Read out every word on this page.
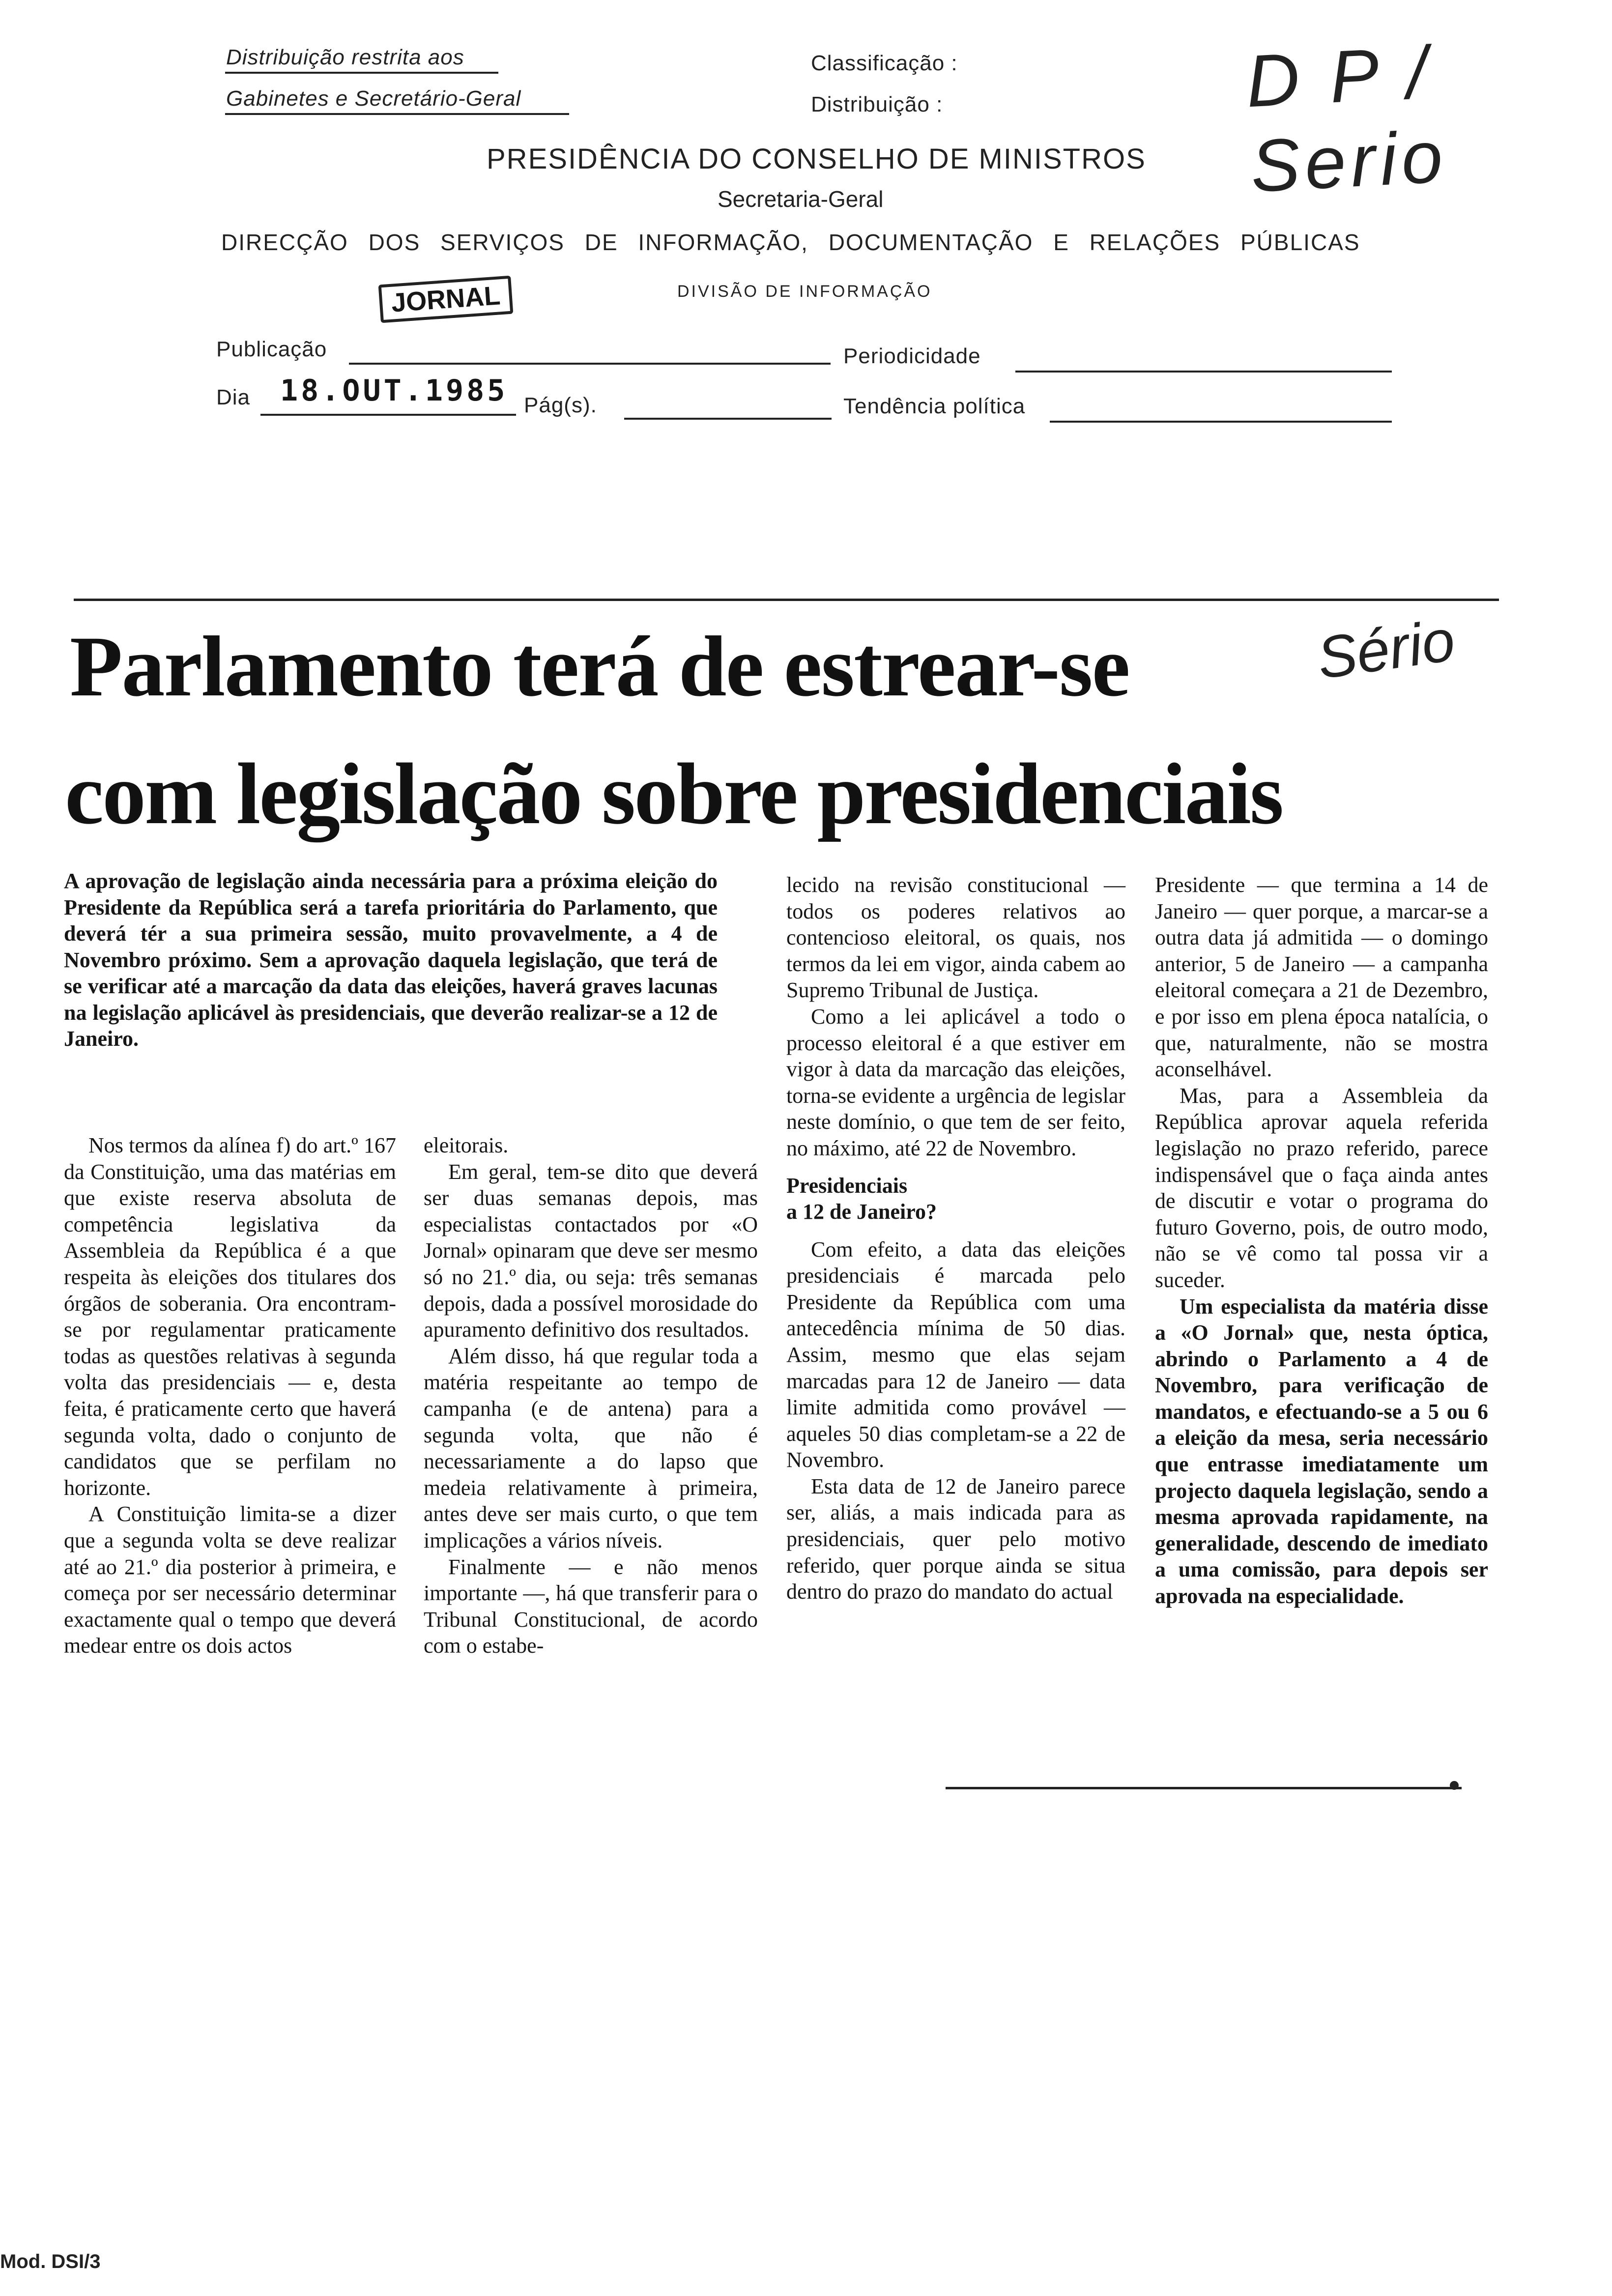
Distribuição restrita aos
Gabinetes e Secretário-Geral
Classificação :
Distribuição :	D P / Serio
PRESIDÊNCIA DO CONSELHO DE MINISTROS
Secretaria-Geral
DIRECÇÃO DOS SERVIÇOS DE INFORMAÇÃO, DOCUMENTAÇÃO E RELAÇÕES PÚBLICAS
JORNAL	DIVISÃO DE INFORMAÇÃO
Publicação	Periodicidade
Dia 18.OUT.1985 Pág(s).	Tendência política
Parlamento terá de estrear-se	Sério
com legislação sobre presidenciais
A aprovação de legislação ainda necessária para a próxima eleição do Presidente da República será a tarefa prioritária do Parlamento, que deverá tér a sua primeira sessão, muito provavelmente, a 4 de Novembro próximo. Sem a aprovação daquela legislação, que terá de se verificar até a marcação da data das eleições, haverá graves lacunas na legislação aplicável às presidenciais, que deverão realizar-se a 12 de Janeiro.

Nos termos da alínea f) do art.º 167 da Constituição, uma das matérias em que existe reserva absoluta de competência legislativa da Assembleia da República é a que respeita às eleições dos titulares dos órgãos de soberania. Ora encontram-se por regulamentar praticamente todas as questões relativas à segunda volta das presidenciais — e, desta feita, é praticamente certo que haverá segunda volta, dado o conjunto de candidatos que se perfilam no horizonte.

A Constituição limita-se a dizer que a segunda volta se deve realizar até ao 21.º dia posterior à primeira, e começa por ser necessário determinar exactamente qual o tempo que deverá medear entre os dois actos

eleitorais.

Em geral, tem-se dito que deverá ser duas semanas depois, mas especialistas contactados por «O Jornal» opinaram que deve ser mesmo só no 21.º dia, ou seja: três semanas depois, dada a possível morosidade do apuramento definitivo dos resultados.

Além disso, há que regular toda a matéria respeitante ao tempo de campanha (e de antena) para a segunda volta, que não é necessariamente a do lapso que medeia relativamente à primeira, antes deve ser mais curto, o que tem implicações a vários níveis.

Finalmente — e não menos importante —, há que transferir para o Tribunal Constitucional, de acordo com o estabe-

lecido na revisão constitucional — todos os poderes relativos ao contencioso eleitoral, os quais, nos termos da lei em vigor, ainda cabem ao Supremo Tribunal de Justiça.

Como a lei aplicável a todo o processo eleitoral é a que estiver em vigor à data da marcação das eleições, torna-se evidente a urgência de legislar neste domínio, o que tem de ser feito, no máximo, até 22 de Novembro.

Presidenciais
a 12 de Janeiro?

Com efeito, a data das eleições presidenciais é marcada pelo Presidente da República com uma antecedência mínima de 50 dias. Assim, mesmo que elas sejam marcadas para 12 de Janeiro — data limite admitida como provável — aqueles 50 dias completam-se a 22 de Novembro.

Esta data de 12 de Janeiro parece ser, aliás, a mais indicada para as presidenciais, quer pelo motivo referido, quer porque ainda se situa dentro do prazo do mandato do actual

Presidente — que termina a 14 de Janeiro — quer porque, a marcar-se a outra data já admitida — o domingo anterior, 5 de Janeiro — a campanha eleitoral começara a 21 de Dezembro, e por isso em plena época natalícia, o que, naturalmente, não se mostra aconselhável.

Mas, para a Assembleia da República aprovar aquela referida legislação no prazo referido, parece indispensável que o faça ainda antes de discutir e votar o programa do futuro Governo, pois, de outro modo, não se vê como tal possa vir a suceder.

Um especialista da matéria disse a «O Jornal» que, nesta óptica, abrindo o Parlamento a 4 de Novembro, para verificação de mandatos, e efectuando-se a 5 ou 6 a eleição da mesa, seria necessário que entrasse imediatamente um projecto daquela legislação, sendo a mesma aprovada rapidamente, na generalidade, descendo de imediato a uma comissão, para depois ser aprovada na especialidade.

Mod. DSI/3
